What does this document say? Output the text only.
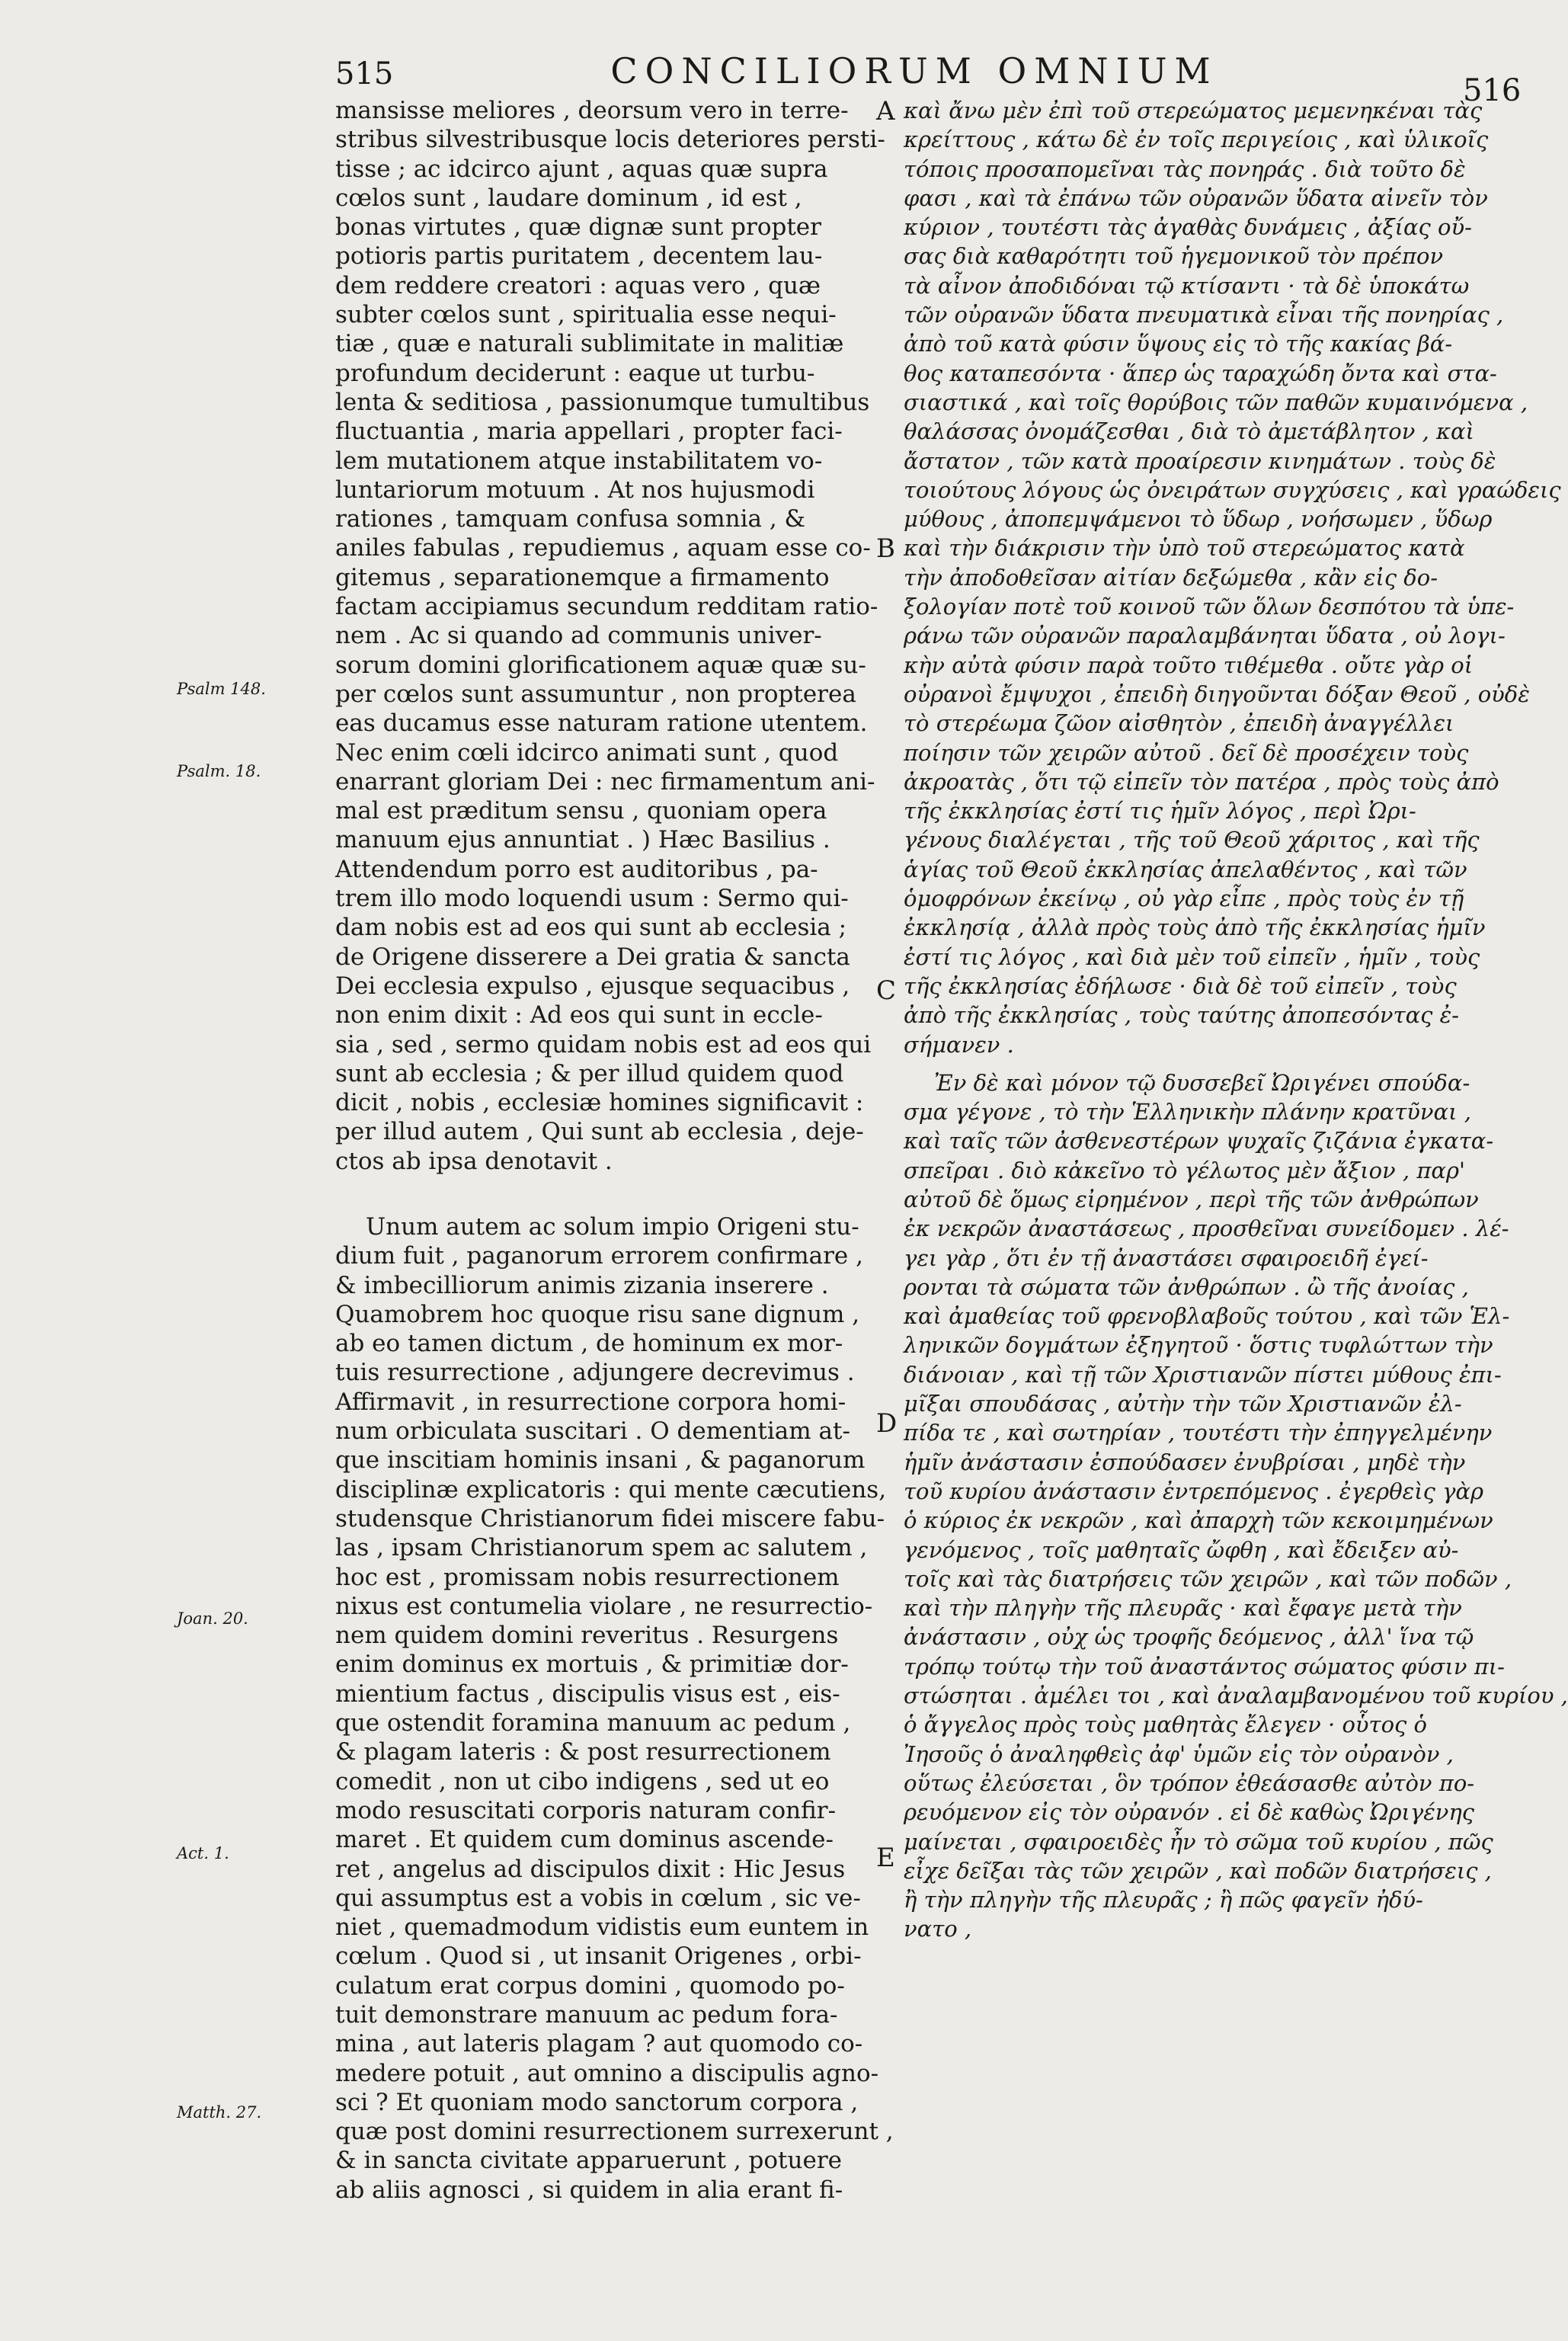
515	CONCILIORUM OMNIUM	516
A
B
C
D
E
Psalm 148.
Psalm. 18.
Joan. 20.
Act. 1.
Matth. 27.
mansisse meliores , deorsum vero in terre-
stribus silvestribusque locis deteriores persti-
tisse ; ac idcirco ajunt , aquas quæ supra
cœlos sunt , laudare dominum , id est ,
bonas virtutes , quæ dignæ sunt propter
potioris partis puritatem , decentem lau-
dem reddere creatori : aquas vero , quæ
subter cœlos sunt , spiritualia esse nequi-
tiæ , quæ e naturali sublimitate in malitiæ
profundum deciderunt : eaque ut turbu-
lenta & seditiosa , passionumque tumultibus
fluctuantia , maria appellari , propter faci-
lem mutationem atque instabilitatem vo-
luntariorum motuum . At nos hujusmodi
rationes , tamquam confusa somnia , &
aniles fabulas , repudiemus , aquam esse co-
gitemus , separationemque a firmamento
factam accipiamus secundum redditam ratio-
nem . Ac si quando ad communis univer-
sorum domini glorificationem aquæ quæ su-
per cœlos sunt assumuntur , non propterea
eas ducamus esse naturam ratione utentem.
Nec enim cœli idcirco animati sunt , quod
enarrant gloriam Dei : nec firmamentum ani-
mal est præditum sensu , quoniam opera
manuum ejus annuntiat . ) Hæc Basilius .
Attendendum porro est auditoribus , pa-
trem illo modo loquendi usum : Sermo qui-
dam nobis est ad eos qui sunt ab ecclesia ;
de Origene disserere a Dei gratia & sancta
Dei ecclesia expulso , ejusque sequacibus ,
non enim dixit : Ad eos qui sunt in eccle-
sia , sed , sermo quidam nobis est ad eos qui
sunt ab ecclesia ; & per illud quidem quod
dicit , nobis , ecclesiæ homines significavit :
per illud autem , Qui sunt ab ecclesia , deje-
ctos ab ipsa denotavit .
Unum autem ac solum impio Origeni stu-
dium fuit , paganorum errorem confirmare ,
& imbecilliorum animis zizania inserere .
Quamobrem hoc quoque risu sane dignum ,
ab eo tamen dictum , de hominum ex mor-
tuis resurrectione , adjungere decrevimus .
Affirmavit , in resurrectione corpora homi-
num orbiculata suscitari . O dementiam at-
que inscitiam hominis insani , & paganorum
disciplinæ explicatoris : qui mente cæcutiens,
studensque Christianorum fidei miscere fabu-
las , ipsam Christianorum spem ac salutem ,
hoc est , promissam nobis resurrectionem
nixus est contumelia violare , ne resurrectio-
nem quidem domini reveritus . Resurgens
enim dominus ex mortuis , & primitiæ dor-
mientium factus , discipulis visus est , eis-
que ostendit foramina manuum ac pedum ,
& plagam lateris : & post resurrectionem
comedit , non ut cibo indigens , sed ut eo
modo resuscitati corporis naturam confir-
maret . Et quidem cum dominus ascende-
ret , angelus ad discipulos dixit : Hic Jesus
qui assumptus est a vobis in cœlum , sic ve-
niet , quemadmodum vidistis eum euntem in
cœlum . Quod si , ut insanit Origenes , orbi-
culatum erat corpus domini , quomodo po-
tuit demonstrare manuum ac pedum fora-
mina , aut lateris plagam ? aut quomodo co-
medere potuit , aut omnino a discipulis agno-
sci ? Et quoniam modo sanctorum corpora ,
quæ post domini resurrectionem surrexerunt ,
& in sancta civitate apparuerunt , potuere
ab aliis agnosci , si quidem in alia erant fi-
καὶ ἄνω μὲν ἐπὶ τοῦ στερεώματος μεμενηκέναι τὰς
κρείττους , κάτω δὲ ἐν τοῖς περιγείοις , καὶ ὑλικοῖς
τόποις προσαπομεῖναι τὰς πονηράς . διὰ τοῦτο δὲ
φασι , καὶ τὰ ἐπάνω τῶν οὐρανῶν ὕδατα αἰνεῖν τὸν
κύριον , τουτέστι τὰς ἀγαθὰς δυνάμεις , ἀξίας οὔ-
σας διὰ καθαρότητι τοῦ ἡγεμονικοῦ τὸν πρέπον
τὰ αἶνον ἀποδιδόναι τῷ κτίσαντι · τὰ δὲ ὑποκάτω
τῶν οὐρανῶν ὕδατα πνευματικὰ εἶναι τῆς πονηρίας ,
ἀπὸ τοῦ κατὰ φύσιν ὕψους εἰς τὸ τῆς κακίας βά-
θος καταπεσόντα · ἅπερ ὡς ταραχώδη ὄντα καὶ στα-
σιαστικά , καὶ τοῖς θορύβοις τῶν παθῶν κυμαινόμενα ,
θαλάσσας ὀνομάζεσθαι , διὰ τὸ ἀμετάβλητον , καὶ
ἄστατον , τῶν κατὰ προαίρεσιν κινημάτων . τοὺς δὲ
τοιούτους λόγους ὡς ὀνειράτων συγχύσεις , καὶ γραώδεις
μύθους , ἀποπεμψάμενοι τὸ ὕδωρ , νοήσωμεν , ὕδωρ
καὶ τὴν διάκρισιν τὴν ὑπὸ τοῦ στερεώματος κατὰ
τὴν ἀποδοθεῖσαν αἰτίαν δεξώμεθα , κἂν εἰς δο-
ξολογίαν ποτὲ τοῦ κοινοῦ τῶν ὅλων δεσπότου τὰ ὑπε-
ράνω τῶν οὐρανῶν παραλαμβάνηται ὕδατα , οὐ λογι-
κὴν αὐτὰ φύσιν παρὰ τοῦτο τιθέμεθα . οὔτε γὰρ οἱ
οὐρανοὶ ἔμψυχοι , ἐπειδὴ διηγοῦνται δόξαν Θεοῦ , οὐδὲ
τὸ στερέωμα ζῶον αἰσθητὸν , ἐπειδὴ ἀναγγέλλει
ποίησιν τῶν χειρῶν αὐτοῦ . δεῖ δὲ προσέχειν τοὺς
ἀκροατὰς , ὅτι τῷ εἰπεῖν τὸν πατέρα , πρὸς τοὺς ἀπὸ
τῆς ἐκκλησίας ἐστί τις ἡμῖν λόγος , περὶ Ὠρι-
γένους διαλέγεται , τῆς τοῦ Θεοῦ χάριτος , καὶ τῆς
ἁγίας τοῦ Θεοῦ ἐκκλησίας ἀπελαθέντος , καὶ τῶν
ὁμοφρόνων ἐκείνῳ , οὐ γὰρ εἶπε , πρὸς τοὺς ἐν τῇ
ἐκκλησίᾳ , ἀλλὰ πρὸς τοὺς ἀπὸ τῆς ἐκκλησίας ἡμῖν
ἐστί τις λόγος , καὶ διὰ μὲν τοῦ εἰπεῖν , ἡμῖν , τοὺς
τῆς ἐκκλησίας ἐδήλωσε · διὰ δὲ τοῦ εἰπεῖν , τοὺς
ἀπὸ τῆς ἐκκλησίας , τοὺς ταύτης ἀποπεσόντας ἐ-
σήμανεν .
Ἐν δὲ καὶ μόνον τῷ δυσσεβεῖ Ὠριγένει σπούδα-
σμα γέγονε , τὸ τὴν Ἑλληνικὴν πλάνην κρατῦναι ,
καὶ ταῖς τῶν ἀσθενεστέρων ψυχαῖς ζιζάνια ἐγκατα-
σπεῖραι . διὸ κἀκεῖνο τὸ γέλωτος μὲν ἄξιον , παρ'
αὐτοῦ δὲ ὅμως εἰρημένον , περὶ τῆς τῶν ἀνθρώπων
ἐκ νεκρῶν ἀναστάσεως , προσθεῖναι συνείδομεν . λέ-
γει γὰρ , ὅτι ἐν τῇ ἀναστάσει σφαιροειδῆ ἐγεί-
ρονται τὰ σώματα τῶν ἀνθρώπων . ὢ τῆς ἀνοίας ,
καὶ ἀμαθείας τοῦ φρενοβλαβοῦς τούτου , καὶ τῶν Ἑλ-
ληνικῶν δογμάτων ἐξηγητοῦ · ὅστις τυφλώττων τὴν
διάνοιαν , καὶ τῇ τῶν Χριστιανῶν πίστει μύθους ἐπι-
μῖξαι σπουδάσας , αὐτὴν τὴν τῶν Χριστιανῶν ἐλ-
πίδα τε , καὶ σωτηρίαν , τουτέστι τὴν ἐπηγγελμένην
ἡμῖν ἀνάστασιν ἐσπούδασεν ἐνυβρίσαι , μηδὲ τὴν
τοῦ κυρίου ἀνάστασιν ἐντρεπόμενος . ἐγερθεὶς γὰρ
ὁ κύριος ἐκ νεκρῶν , καὶ ἀπαρχὴ τῶν κεκοιμημένων
γενόμενος , τοῖς μαθηταῖς ὤφθη , καὶ ἔδειξεν αὐ-
τοῖς καὶ τὰς διατρήσεις τῶν χειρῶν , καὶ τῶν ποδῶν ,
καὶ τὴν πληγὴν τῆς πλευρᾶς · καὶ ἔφαγε μετὰ τὴν
ἀνάστασιν , οὐχ ὡς τροφῆς δεόμενος , ἀλλ' ἵνα τῷ
τρόπῳ τούτῳ τὴν τοῦ ἀναστάντος σώματος φύσιν πι-
στώσηται . ἀμέλει τοι , καὶ ἀναλαμβανομένου τοῦ κυρίου ,
ὁ ἄγγελος πρὸς τοὺς μαθητὰς ἔλεγεν · οὗτος ὁ
Ἰησοῦς ὁ ἀναληφθεὶς ἀφ' ὑμῶν εἰς τὸν οὐρανὸν ,
οὕτως ἐλεύσεται , ὃν τρόπον ἐθεάσασθε αὐτὸν πο-
ρευόμενον εἰς τὸν οὐρανόν . εἰ δὲ καθὼς Ὠριγένης
μαίνεται , σφαιροειδὲς ἦν τὸ σῶμα τοῦ κυρίου , πῶς
εἶχε δεῖξαι τὰς τῶν χειρῶν , καὶ ποδῶν διατρήσεις ,
ἢ τὴν πληγὴν τῆς πλευρᾶς ; ἢ πῶς φαγεῖν ἠδύ-
νατο ,
